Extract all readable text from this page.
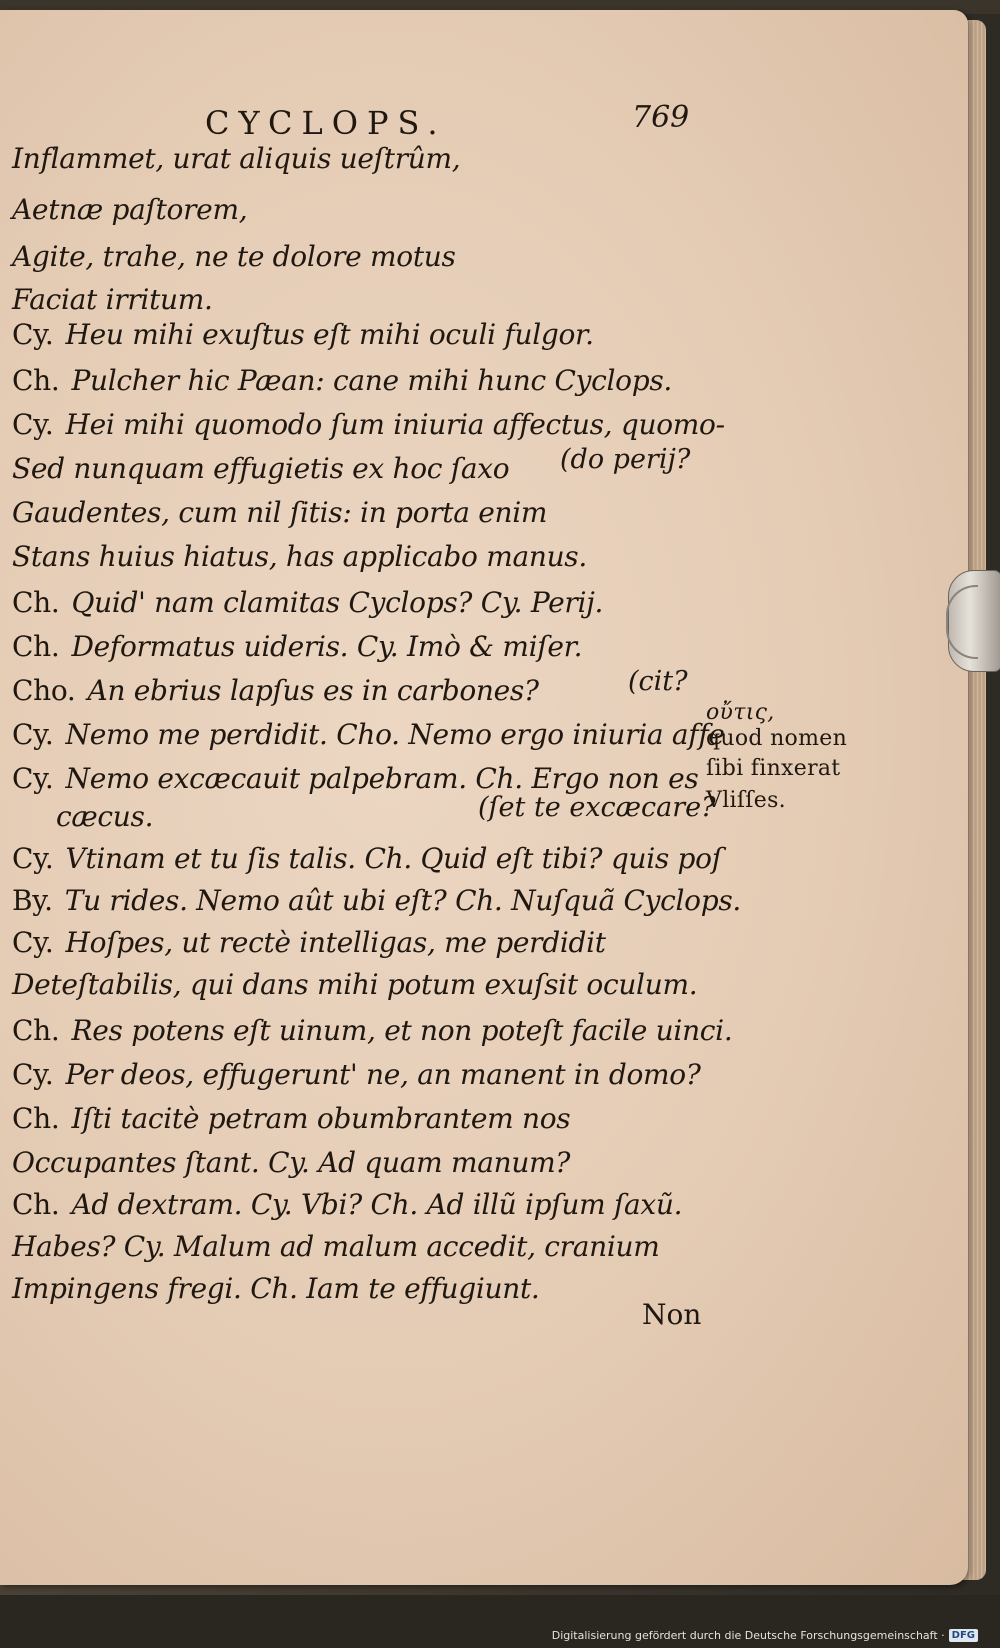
CYCLOPS.	769
Inflammet, urat aliquis ueſtrûm,
Aetnæ paſtorem,
Agite, trahe, ne te dolore motus
Faciat irritum.
Cy. Heu mihi exuſtus eſt mihi oculi fulgor.
Ch. Pulcher hic Pæan: cane mihi hunc Cyclops.
Cy. Hei mihi quomodo ſum iniuria affectus, quomo-
Sed nunquam effugietis ex hoc ſaxo
Gaudentes, cum nil ſitis: in porta enim
Stans huius hiatus, has applicabo manus.
Ch. Quid' nam clamitas Cyclops? Cy. Perij.
Ch. Deformatus uideris. Cy. Imò & miſer.
Cho. An ebrius lapſus es in carbones?
Cy. Nemo me perdidit. Cho. Nemo ergo iniuria affe
Cy. Nemo excæcauit palpebram. Ch. Ergo non es
cæcus.
Cy. Vtinam et tu ſis talis. Ch. Quid eſt tibi? quis poſ
By. Tu rides. Nemo aût ubi eſt? Ch. Nuſquã Cyclops.
Cy. Hoſpes, ut rectè intelligas, me perdidit
Deteſtabilis, qui dans mihi potum exuſsit oculum.
Ch. Res potens eſt uinum, et non poteſt facile uinci.
Cy. Per deos, effugerunt' ne, an manent in domo?
Ch. Iſti tacitè petram obumbrantem nos
Occupantes ſtant. Cy. Ad quam manum?
Ch. Ad dextram. Cy. Vbi? Ch. Ad illũ ipſum ſaxũ.
Habes? Cy. Malum ad malum accedit, cranium
Impingens fregi. Ch. Iam te effugiunt.
(do perij?
(cit?
(ſet te excæcare?
οὔτις,
quod nomen
ſibi finxerat
Vliſſes.
Non
Digitalisierung gefördert durch die Deutsche Forschungsgemeinschaft · DFG
